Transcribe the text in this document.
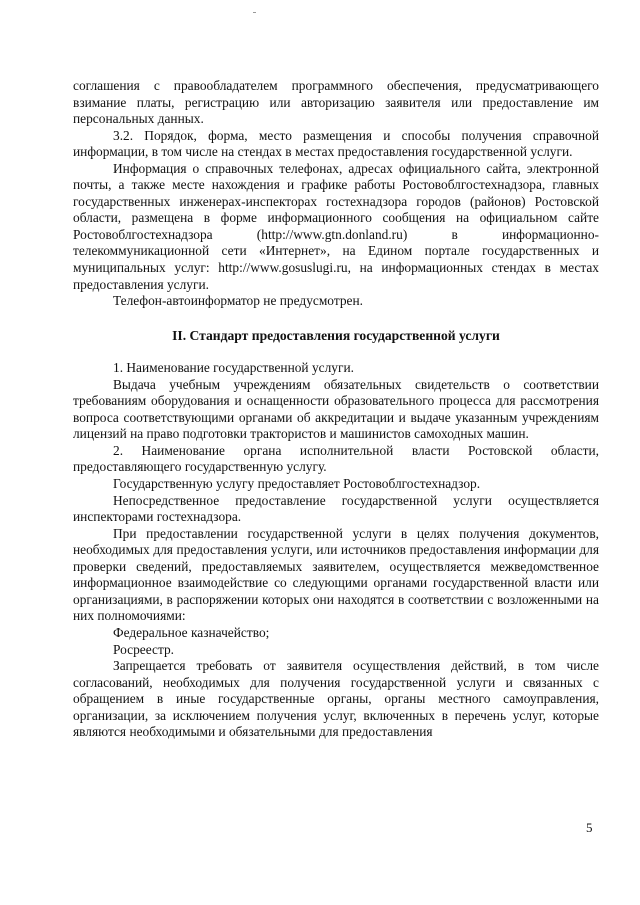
соглашения с правообладателем программного обеспечения, предусматривающего взимание платы, регистрацию или авторизацию заявителя или предоставление им персональных данных.

3.2. Порядок, форма, место размещения и способы получения справочной информации, в том числе на стендах в местах предоставления государственной услуги.

Информация о справочных телефонах, адресах официального сайта, электронной почты, а также месте нахождения и графике работы Ростовоблгостехнадзора, главных государственных инженерах-инспекторах гостехнадзора городов (районов) Ростовской области, размещена в форме информационного сообщения на официальном сайте Ростовоблгостехнадзора (http://www.gtn.donland.ru) в информационно-телекоммуникационной сети «Интернет», на Едином портале государственных и муниципальных услуг: http://www.gosuslugi.ru, на информационных стендах в местах предоставления услуги.

Телефон-автоинформатор не предусмотрен.

II. Стандарт предоставления государственной услуги

1. Наименование государственной услуги.

Выдача учебным учреждениям обязательных свидетельств о соответствии требованиям оборудования и оснащенности образовательного процесса для рассмотрения вопроса соответствующими органами об аккредитации и выдаче указанным учреждениям лицензий на право подготовки трактористов и машинистов самоходных машин.

2. Наименование органа исполнительной власти Ростовской области, предоставляющего государственную услугу.

Государственную услугу предоставляет Ростовоблгостехнадзор.

Непосредственное предоставление государственной услуги осуществляется инспекторами гостехнадзора.

При предоставлении государственной услуги в целях получения документов, необходимых для предоставления услуги, или источников предоставления информации для проверки сведений, предоставляемых заявителем, осуществляется межведомственное информационное взаимодействие со следующими органами государственной власти или организациями, в распоряжении которых они находятся в соответствии с возложенными на них полномочиями:

Федеральное казначейство;

Росреестр.

Запрещается требовать от заявителя осуществления действий, в том числе согласований, необходимых для получения государственной услуги и связанных с обращением в иные государственные органы, органы местного самоуправления, организации, за исключением получения услуг, включенных в перечень услуг, которые являются необходимыми и обязательными для предоставления

5
